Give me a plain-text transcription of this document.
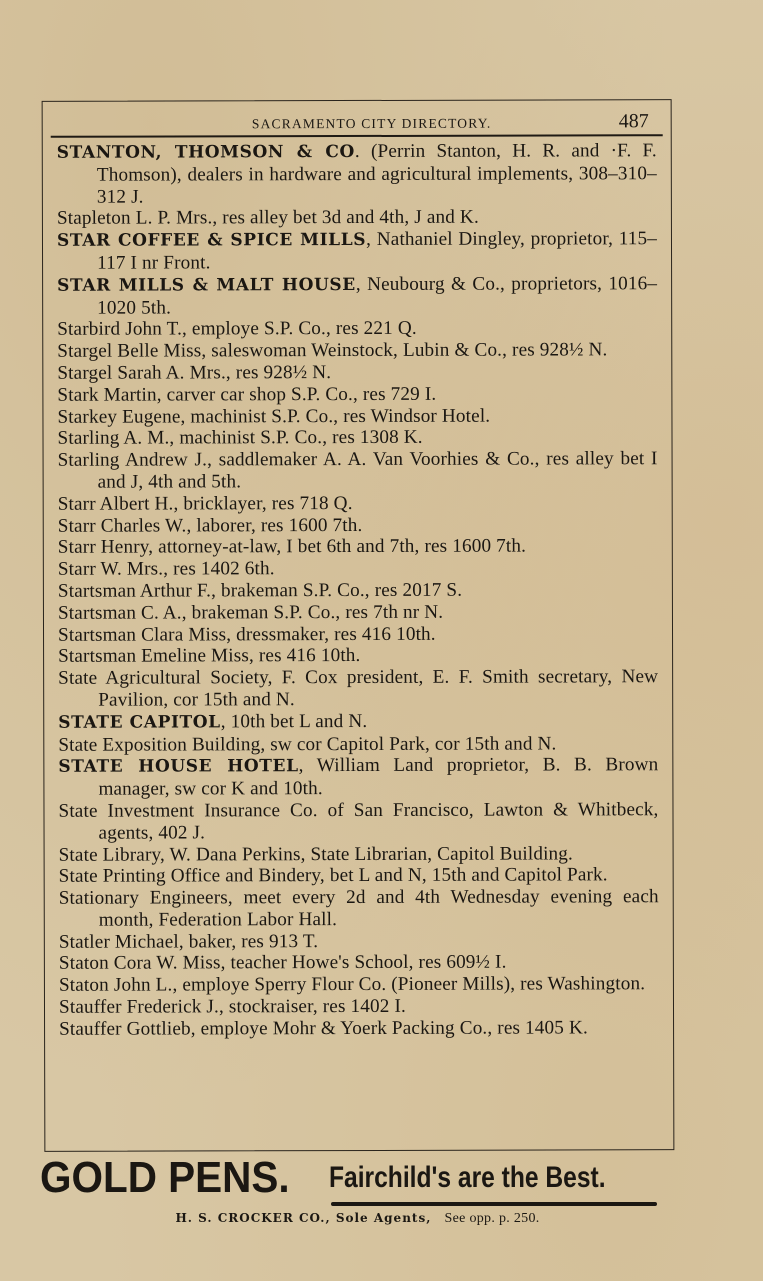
SACRAMENTO CITY DIRECTORY.	487
STANTON, THOMSON & CO. (Perrin Stanton, H. R. and ·F. F. Thomson), dealers in hardware and agricultural implements, 308–310–312 J.
Stapleton L. P. Mrs., res alley bet 3d and 4th, J and K.
STAR COFFEE & SPICE MILLS, Nathaniel Dingley, proprietor, 115–117 I nr Front.
STAR MILLS & MALT HOUSE, Neubourg & Co., proprietors, 1016–1020 5th.
Starbird John T., employe S.P. Co., res 221 Q.
Stargel Belle Miss, saleswoman Weinstock, Lubin & Co., res 928½ N.
Stargel Sarah A. Mrs., res 928½ N.
Stark Martin, carver car shop S.P. Co., res 729 I.
Starkey Eugene, machinist S.P. Co., res Windsor Hotel.
Starling A. M., machinist S.P. Co., res 1308 K.
Starling Andrew J., saddlemaker A. A. Van Voorhies & Co., res alley bet I and J, 4th and 5th.
Starr Albert H., bricklayer, res 718 Q.
Starr Charles W., laborer, res 1600 7th.
Starr Henry, attorney-at-law, I bet 6th and 7th, res 1600 7th.
Starr W. Mrs., res 1402 6th.
Startsman Arthur F., brakeman S.P. Co., res 2017 S.
Startsman C. A., brakeman S.P. Co., res 7th nr N.
Startsman Clara Miss, dressmaker, res 416 10th.
Startsman Emeline Miss, res 416 10th.
State Agricultural Society, F. Cox president, E. F. Smith secretary, New Pavilion, cor 15th and N.
STATE CAPITOL, 10th bet L and N.
State Exposition Building, sw cor Capitol Park, cor 15th and N.
STATE HOUSE HOTEL, William Land proprietor, B. B. Brown manager, sw cor K and 10th.
State Investment Insurance Co. of San Francisco, Lawton & Whitbeck, agents, 402 J.
State Library, W. Dana Perkins, State Librarian, Capitol Building.
State Printing Office and Bindery, bet L and N, 15th and Capitol Park.
Stationary Engineers, meet every 2d and 4th Wednesday evening each month, Federation Labor Hall.
Statler Michael, baker, res 913 T.
Staton Cora W. Miss, teacher Howe's School, res 609½ I.
Staton John L., employe Sperry Flour Co. (Pioneer Mills), res Washington.
Stauffer Frederick J., stockraiser, res 1402 I.
Stauffer Gottlieb, employe Mohr & Yoerk Packing Co., res 1405 K.
GOLD PENS. Fairchild's are the Best.
H. S. CROCKER CO., Sole Agents, See opp. p. 250.
